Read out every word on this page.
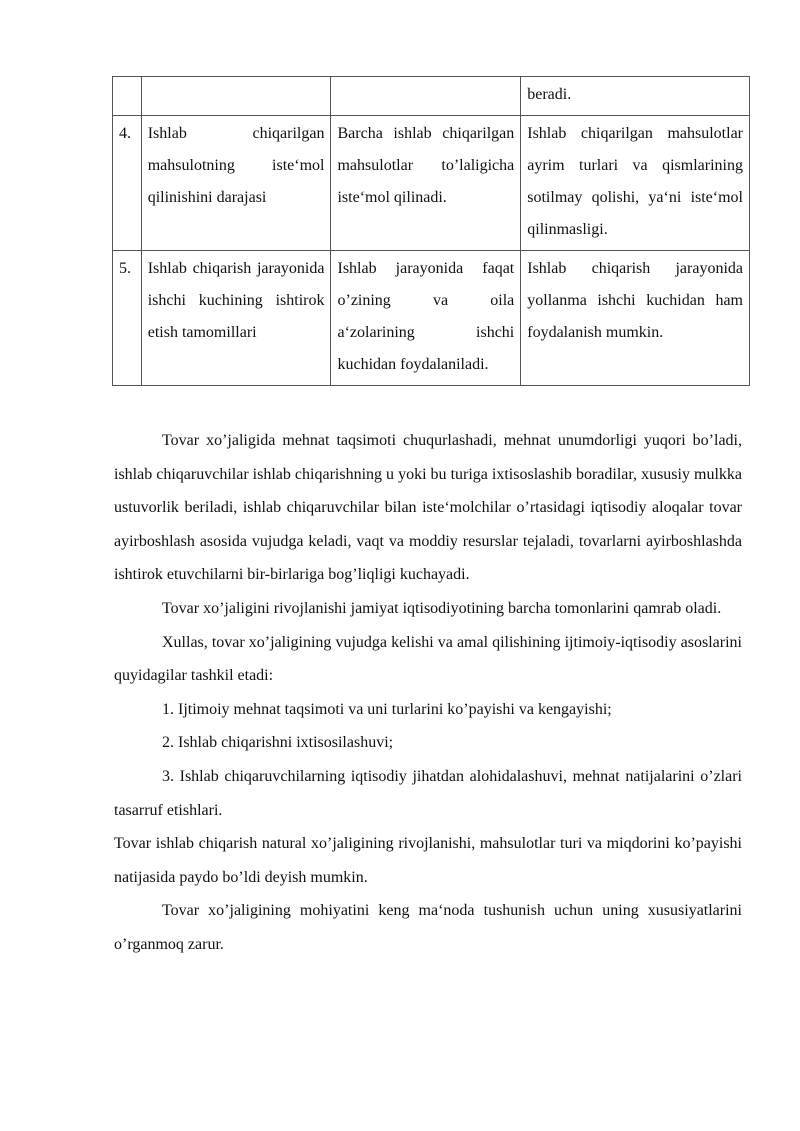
			beradi.
4.	Ishlab chiqarilgan mahsulotning iste‘mol qilinishini darajasi	Barcha ishlab chiqarilgan mahsulotlar to’laligicha iste‘mol qilinadi.	Ishlab chiqarilgan mahsulotlar ayrim turlari va qismlarining sotilmay qolishi, ya‘ni iste‘mol qilinmasligi.
5.	Ishlab chiqarish jarayonida ishchi kuchining ishtirok etish tamomillari	Ishlab jarayonida faqat o’zining va oila a‘zolarining ishchi kuchidan foydalaniladi.	Ishlab chiqarish jarayonida yollanma ishchi kuchidan ham foydalanish mumkin.

Tovar xo’jaligida mehnat taqsimoti chuqurlashadi, mehnat unumdorligi yuqori bo’ladi, ishlab chiqaruvchilar ishlab chiqarishning u yoki bu turiga ixtisoslashib boradilar, xususiy mulkka ustuvorlik beriladi, ishlab chiqaruvchilar bilan iste‘molchilar o’rtasidagi iqtisodiy aloqalar tovar ayirboshlash asosida vujudga keladi, vaqt va moddiy resurslar tejaladi, tovarlarni ayirboshlashda ishtirok etuvchilarni bir-birlariga bog’liqligi kuchayadi.

Tovar xo’jaligini rivojlanishi jamiyat iqtisodiyotining barcha tomonlarini qamrab oladi.

Xullas, tovar xo’jaligining vujudga kelishi va amal qilishining ijtimoiy-iqtisodiy asoslarini quyidagilar tashkil etadi:

1. Ijtimoiy mehnat taqsimoti va uni turlarini ko’payishi va kengayishi;

2. Ishlab chiqarishni ixtisosilashuvi;

3. Ishlab chiqaruvchilarning iqtisodiy jihatdan alohidalashuvi, mehnat natijalarini o’zlari tasarruf etishlari.

Tovar ishlab chiqarish natural xo’jaligining rivojlanishi, mahsulotlar turi va miqdorini ko’payishi natijasida paydo bo’ldi deyish mumkin.

Tovar xo’jaligining mohiyatini keng ma‘noda tushunish uchun uning xususiyatlarini o’rganmoq zarur.
